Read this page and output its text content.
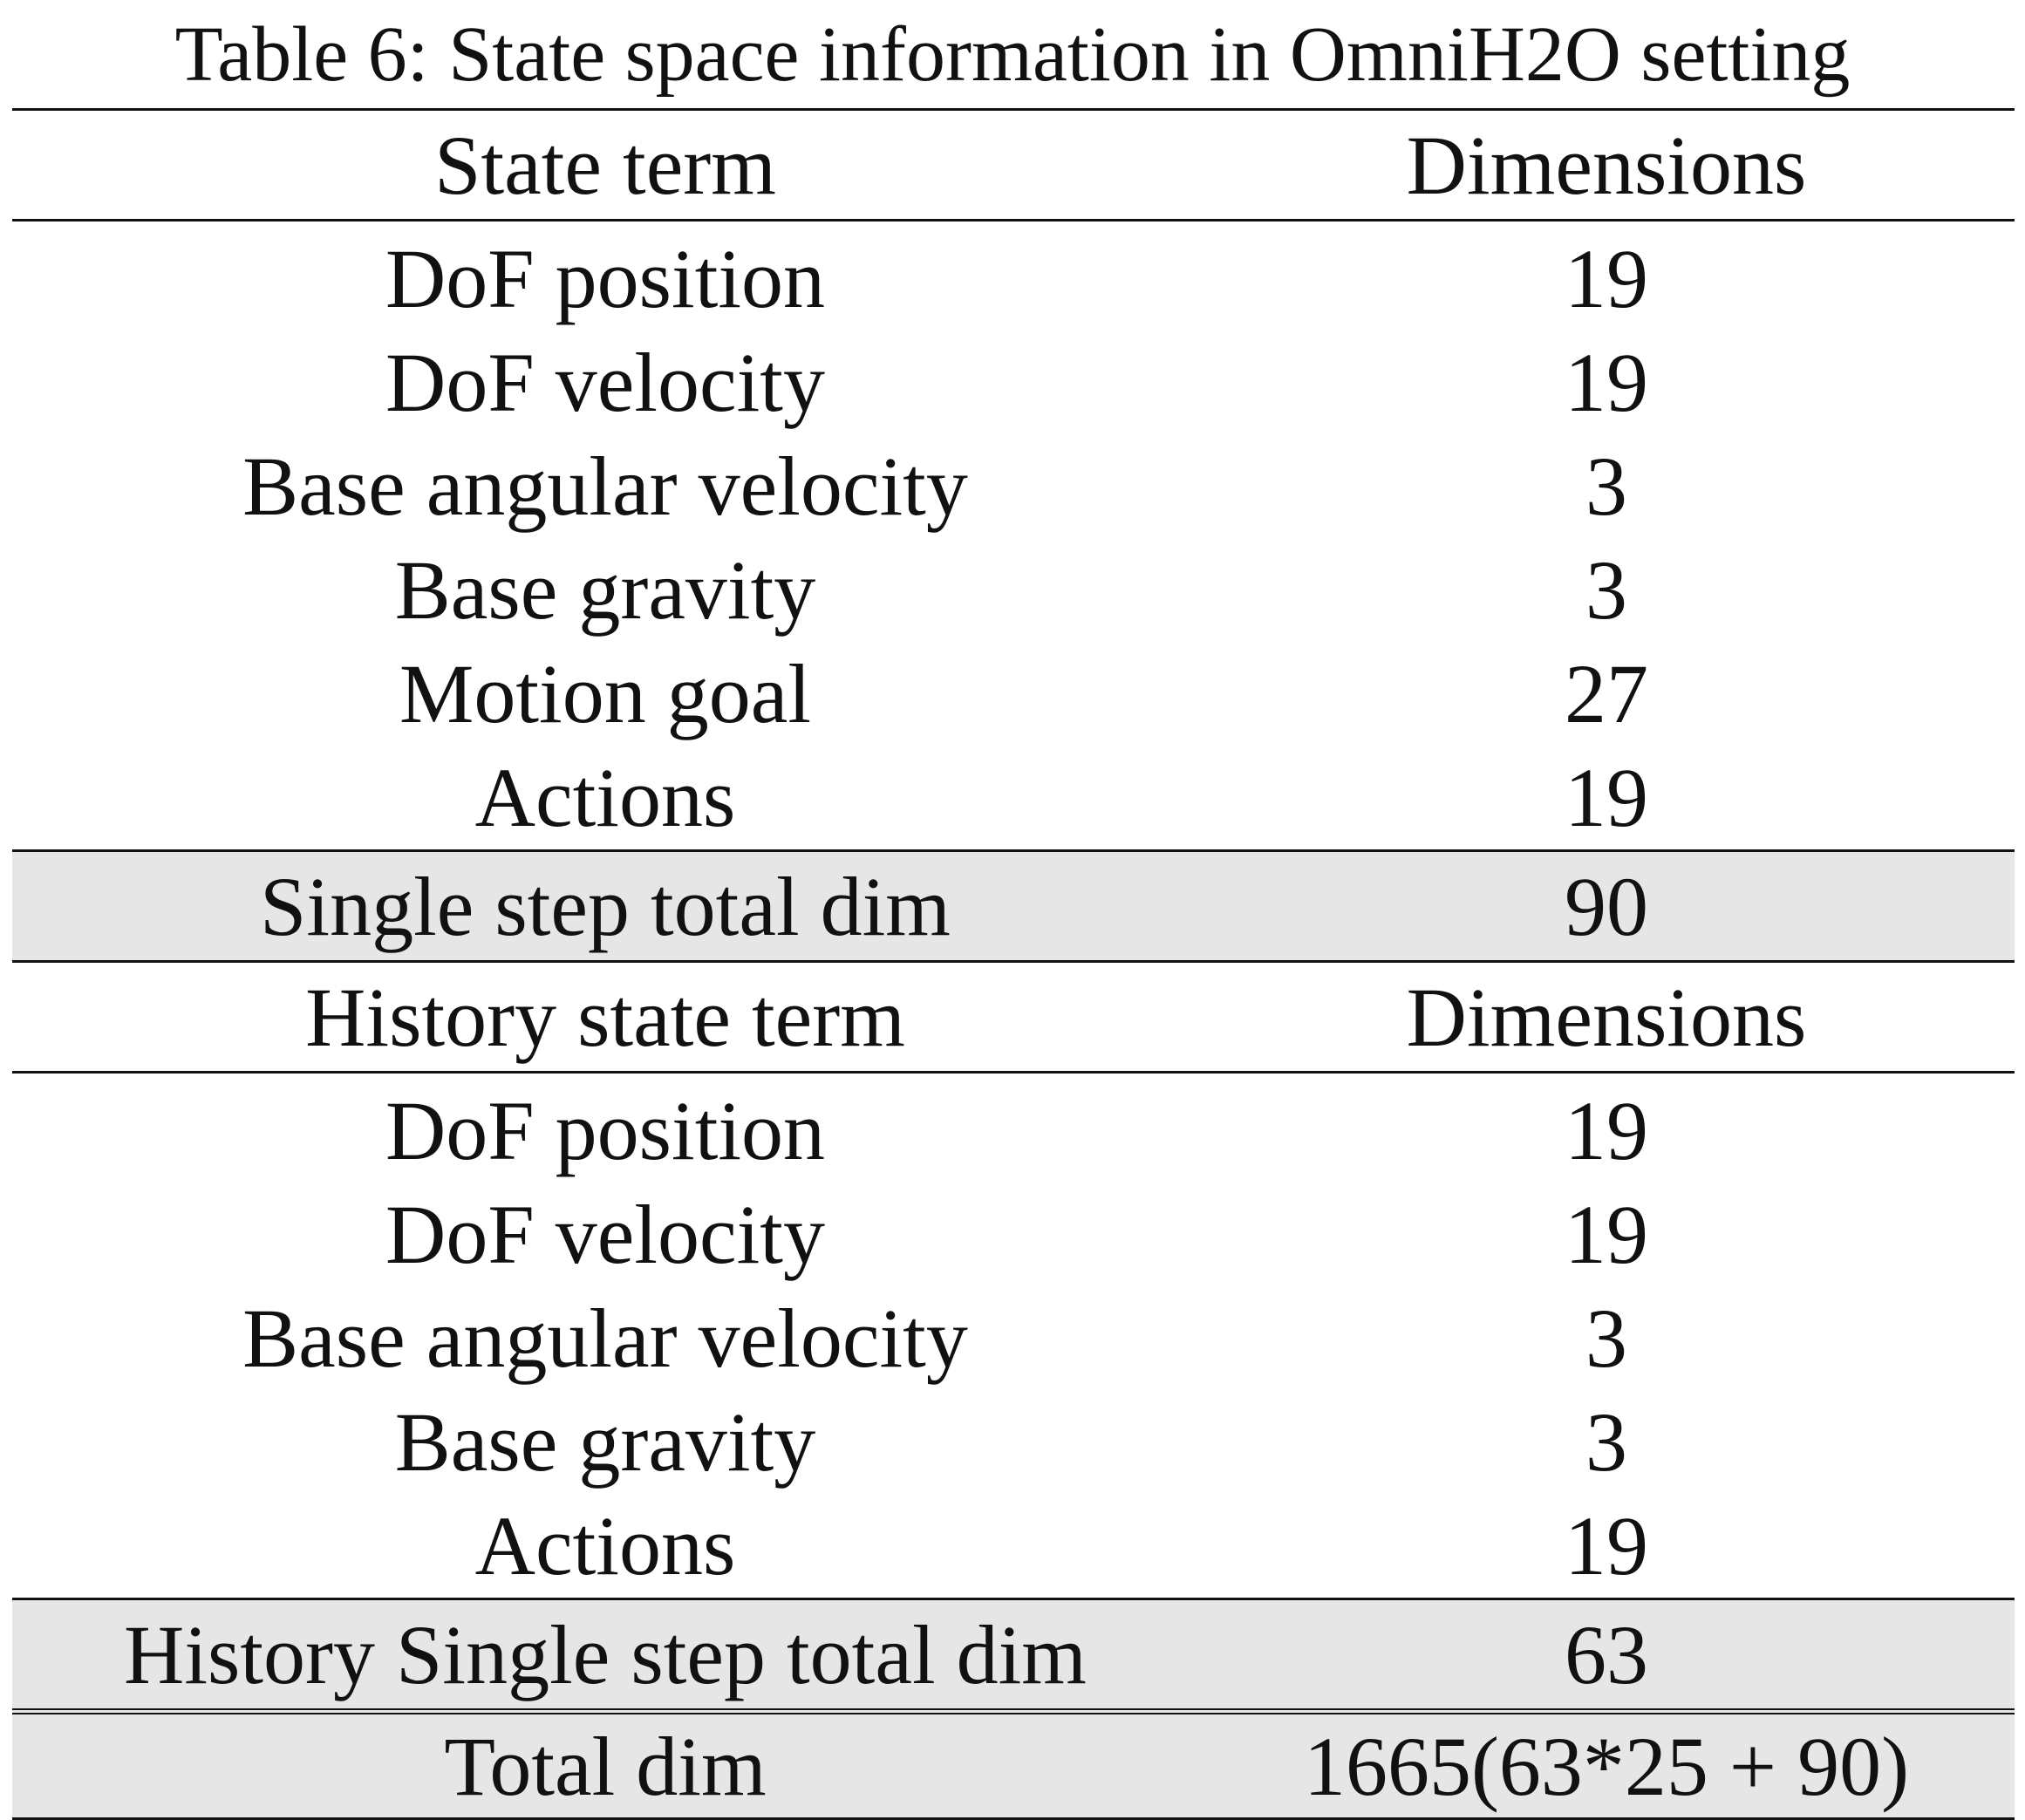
Table 6: State space information in OmniH2O setting
State term	Dimensions
DoF position	19
DoF velocity	19
Base angular velocity	3
Base gravity	3
Motion goal	27
Actions	19
Single step total dim	90
History state term	Dimensions
DoF position	19
DoF velocity	19
Base angular velocity	3
Base gravity	3
Actions	19
History Single step total dim	63
Total dim	1665(63*25 + 90)
